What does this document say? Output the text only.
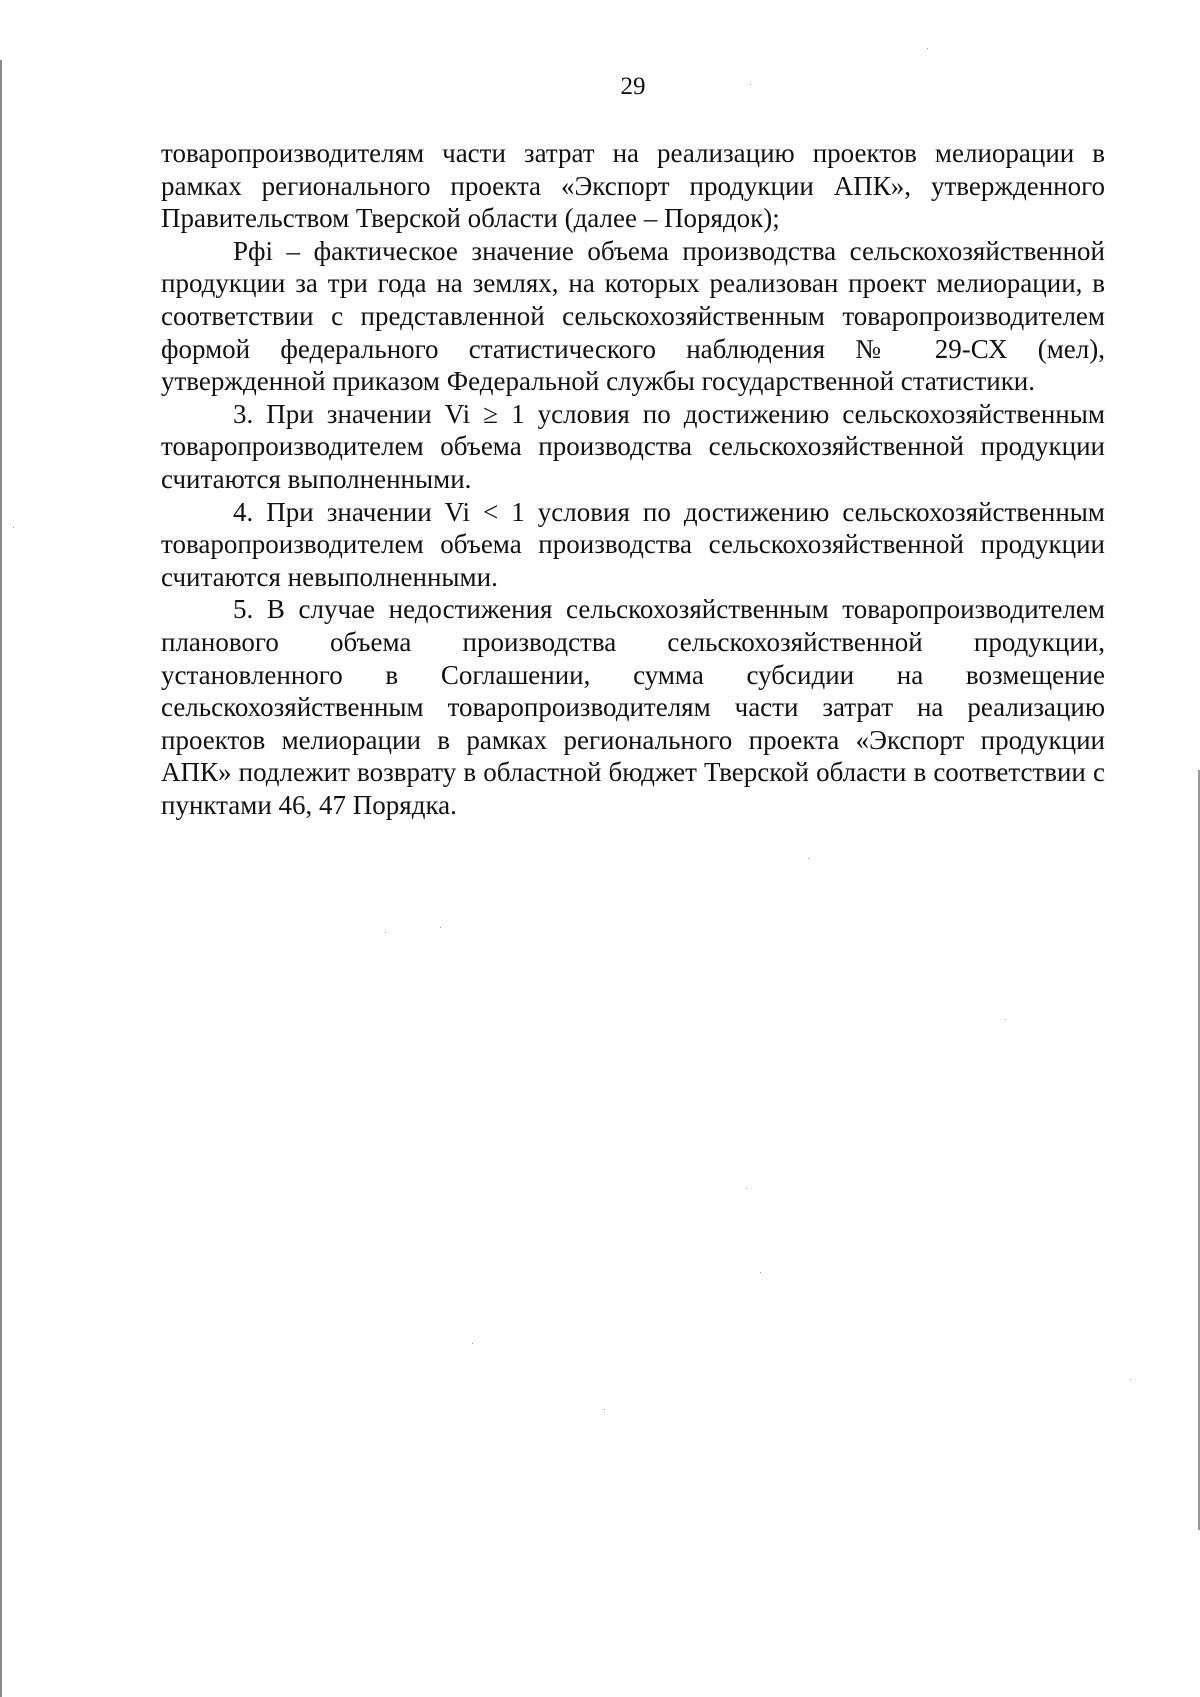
29

товаропроизводителям части затрат на реализацию проектов мелиорации в рамках регионального проекта «Экспорт продукции АПК», утвержденного Правительством Тверской области (далее – Порядок);

Рфi – фактическое значение объема производства сельскохозяйственной продукции за три года на землях, на которых реализован проект мелиорации, в соответствии с представленной сельскохозяйственным товаропроизводителем формой федерального статистического наблюдения № 29-СХ (мел), утвержденной приказом Федеральной службы государственной статистики.

3. При значении Vi ≥ 1 условия по достижению сельскохозяйственным товаропроизводителем объема производства сельскохозяйственной продукции считаются выполненными.

4. При значении Vi < 1 условия по достижению сельскохозяйственным товаропроизводителем объема производства сельскохозяйственной продукции считаются невыполненными.

5. В случае недостижения сельскохозяйственным товаропроизводителем планового объема производства сельскохозяйственной продукции, установленного в Соглашении, сумма субсидии на возмещение сельскохозяйственным товаропроизводителям части затрат на реализацию проектов мелиорации в рамках регионального проекта «Экспорт продукции АПК» подлежит возврату в областной бюджет Тверской области в соответствии с пунктами 46, 47 Порядка.
